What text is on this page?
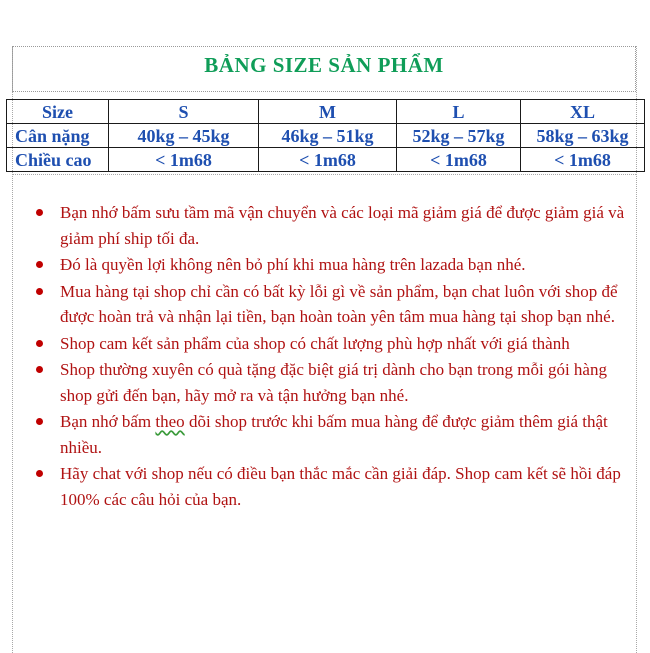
BẢNG SIZE SẢN PHẨM
Size	S	M	L	XL
Cân nặng	40kg – 45kg	46kg – 51kg	52kg – 57kg	58kg – 63kg
Chiều cao	< 1m68	< 1m68	< 1m68	< 1m68
Bạn nhớ bấm sưu tầm mã vận chuyển và các loại mã giảm giá để được giảm giá và giảm phí ship tối đa.
Đó là quyền lợi không nên bỏ phí khi mua hàng trên lazada bạn nhé.
Mua hàng tại shop chỉ cần có bất kỳ lỗi gì về sản phẩm, bạn chat luôn với shop để được hoàn trả và nhận lại tiền, bạn hoàn toàn yên tâm mua hàng tại shop bạn nhé.
Shop cam kết sản phẩm của shop có chất lượng phù hợp nhất với giá thành
Shop thường xuyên có quà tặng đặc biệt giá trị dành cho bạn trong mỗi gói hàng shop gửi đến bạn, hãy mở ra và tận hưởng bạn nhé.
Bạn nhớ bấm theo dõi shop trước khi bấm mua hàng để được giảm thêm giá thật nhiều.
Hãy chat với shop nếu có điều bạn thắc mắc cần giải đáp. Shop cam kết sẽ hồi đáp 100% các câu hỏi của bạn.
